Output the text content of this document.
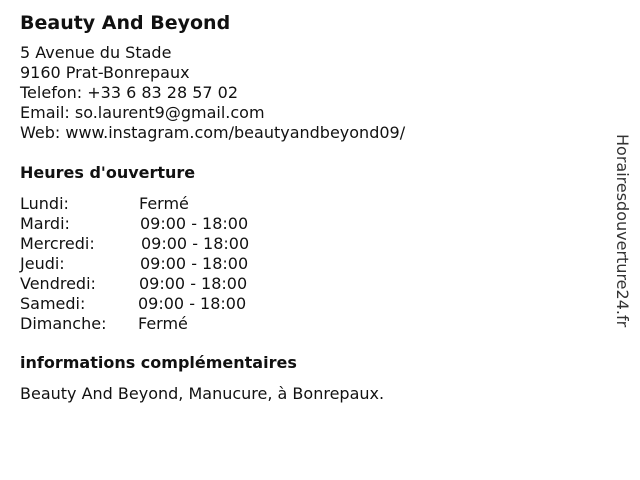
Beauty And Beyond
5 Avenue du Stade
9160 Prat-Bonrepaux
Telefon: +33 6 83 28 57 02
Email: so.laurent9@gmail.com
Web: www.instagram.com/beautyandbeyond09/
Heures d'ouverture
Lundi:	Fermé
Mardi:	09:00 - 18:00
Mercredi:	09:00 - 18:00
Jeudi:	09:00 - 18:00
Vendredi:	09:00 - 18:00
Samedi:	09:00 - 18:00
Dimanche: Fermé
informations complémentaires
Beauty And Beyond, Manucure, à Bonrepaux.
Horairesdouverture24.fr
